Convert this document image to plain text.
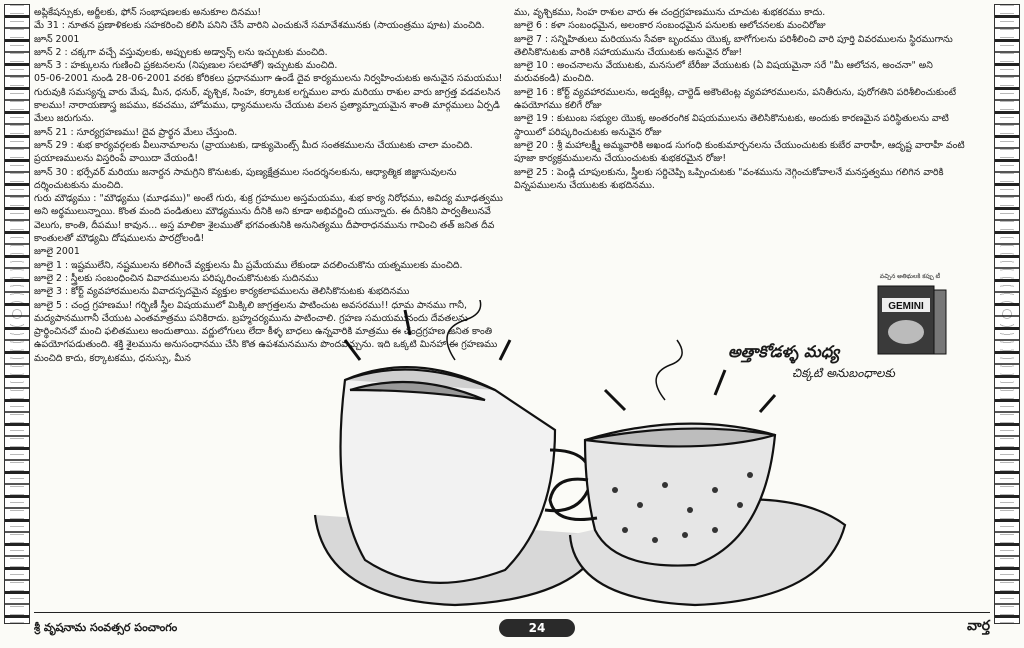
అప్లికేషన్సుకు, అర్జీలకు, ఫోన్ సంభాషణలకు అనుకూల దినము!

మే 31 : నూతన ప్రణాళికలకు సహకరించి కలిసి పనిని చేసే వారిని ఎంచుకునే సమావేశమునకు (సాయంత్రము పూట) మంచిది.

జూన్ 2001

జూన్ 2 : చక్కగా వచ్చే వస్తువులకు, అప్పులకు అడ్వాన్స్ లను ఇచ్చుటకు మంచిది.

జూన్ 3 : హక్కులను గుణించి ప్రకటనలను (నిపుణుల సలహాతో) ఇచ్చుటకు మంచిది.

05-06-2001 నుండి 28-06-2001 వరకు కోరికలు ప్రధానముగా ఉండే దైవ కార్యములను నిర్వహించుటకు అనువైన సమయము! గురువుకి సమస్యన్న వారు మేష, మీన, ధనుర్, వృశ్చిక, సింహ, కర్కాటక లగ్నముల వారు మరియు రాశుల వారు జాగ్రత్త వడవలసిన కాలము! నారాయణాస్త్ర జపము, కవచము, హోమము, ధ్యానములను చేయుట వలన ప్రత్యామ్నాయమైన శాంతి మార్గములు ఏర్పడి మేలు జరుగును.

జూన్ 21 : సూర్యగ్రహణము! దైవ ప్రార్థన మేలు చేస్తుంది.

జూన్ 29 : శుభ కార్యవర్గలకు వీలునామాలను (వ్రాయుటకు, డాక్యుమెంట్స్ మీద సంతకములను చేయుటకు చాలా మంచిది. ప్రయాణములను విస్తరింపే వాయిదా వేయండి!

జూన్ 30 : భర్సేవర్ మరియు జనార్దన సామగ్రిని కొనుటకు, పుణ్యక్షేత్రముల సందర్శనలకును, ఆధ్యాత్మిక జిజ్ఞాసువులను దర్శించుటకును మంచిది.

గురు మౌఢ్యము : "మౌఢ్యము (మూఢము)" అంటే గురు, శుక్ర గ్రహముల అస్తమయము, శుభ కార్య నిరోధము, అవిద్య మూఢత్వము అని అర్థములున్నాయి. కొంత మంది పండితులు మౌఢ్యమును దీనికి అని కూడా అభివర్ణించి యున్నారు. ఈ దీనికిని పార్వతీలునవే వెలుగు, కాంతి, దీపము! కావున... అస్త మాలికా శైలముతో భగవంతునికి అనునిత్యము దీపారాధనమును గావించి తత్ జనిత దీవ కాంతులతో మౌఢ్యమి దోషములను పారద్రోలండి!

జూలై 2001

జూలై 1 : ఇష్టములేని, నష్టములను కలిగించే వ్యక్తులను మీ ప్రమేయము లేకుండా వదలించుకొను యత్నములకు మంచిది.

జూలై 2 : స్త్రీలకు సంబంధించిన వివాదములను పరిష్కరించుకొనుటకు సుదినము

జూలై 3 : కోర్ట్ వ్యవహారములను వివాదస్పదమైన వ్యక్తుల కార్యకలాపములను తెలిసికొనుటకు శుభదినము

జూలై 5 : చంద్ర గ్రహణము! గర్భిణీ స్త్రీల విషయములో మిక్కిలి జాగ్రత్తలను పాటించుట అవసరము!! ధూమ పానము గానీ, మద్యపానముగానీ చేయుట ఎంతమాత్రము పనికిరాదు. బ్రహ్మచర్యమును పాటించాలి. గ్రహణ సమయమునందు దేవతలను ప్రార్థించినచో మంచి ఫలితములు అందుతాయి. వర్ణులోగులు లేదా కీళ్ళ బాధలు ఉన్నవారికి మాత్రము ఈ చంద్రగ్రహణ జనిత కాంతి ఉపయోగపడుతుంది. శక్తి శైలమును అనుసంధానము చేసి కొత ఉపశమనమును పొందవచ్చును. ఇది ఒక్కటి మినహా ఈ గ్రహణము మంచిది కాదు, కర్కాటకము, ధనుస్సు, మీన

ము, వృశ్చికము, సింహ రాశుల వారు ఈ చంద్రగ్రహణమును చూచుట శుభకరము కాదు.

జూలై 6 : కళా సంబంధమైన, అలంకార సంబంధమైన పనులకు ఆలోచనలకు మంచిరోజు

జూలై 7 : సన్నిహితులు మరియును సేవకా బృందము యొక్క బాగోగులను పరిశీలించి వారి పూర్తి వివరములను స్థిరముగాను తెలిసికొనుటకు వారికి సహాయమును చేయుటకు అనువైన రోజు!

జూలై 10 : అంచనాలను వేయుటకు, మనసులో బేరీజు వేయుటకు (ఏ విషయమైనా సరే "మీ ఆలోచన, అంచనా" అని మరువకండి) మంచిది.

జూలై 16 : కోర్ట్ వ్యవహారములను, అడ్వకేట్ల, చార్టెడ్ అకౌంటెంట్ల వ్యవహారములను, పనితీరును, పురోగతిని పరిశీలించుకుంటే ఉపయోగము కలిగే రోజు

జూలై 19 : కుటుంబ సభ్యుల యొక్క అంతరంగిక విషయములను తెలిసికొనుటకు, అందుకు కారణమైన పరిస్థితులను వాటి స్థాయిలో పరిష్కరించుటకు అనువైన రోజు

జూలై 20 : శ్రీ మహాలక్ష్మీ అమ్మవారికి అఖండ సుగంధి కుంకుమార్చనలను చేయుంచుటకు కుబేర వారాహీ, ఆదృష్ట వారాహీ వంటి పూజా కార్యక్రమములను చేయుంచుటకు శుభకరమైన రోజు!

జూలై 25 : పెండ్లి చూపులకును, స్త్రీలకు సర్దిచెప్పి ఒప్పించుటకు "వంశమును నెగ్గించుకోవాలనే మనస్తత్వము గలిగిన వారికి విన్నపములను చేయుటకు శుభదినము.

GEMINI
వచ్చిన అతిథులకి కప్పు టీ
అత్తాకోడళ్ళ మధ్య
చిక్కటి అనుబంధాలకు
శ్రీ వృషనామ సంవత్సర పంచాంగం	24	వార్త
